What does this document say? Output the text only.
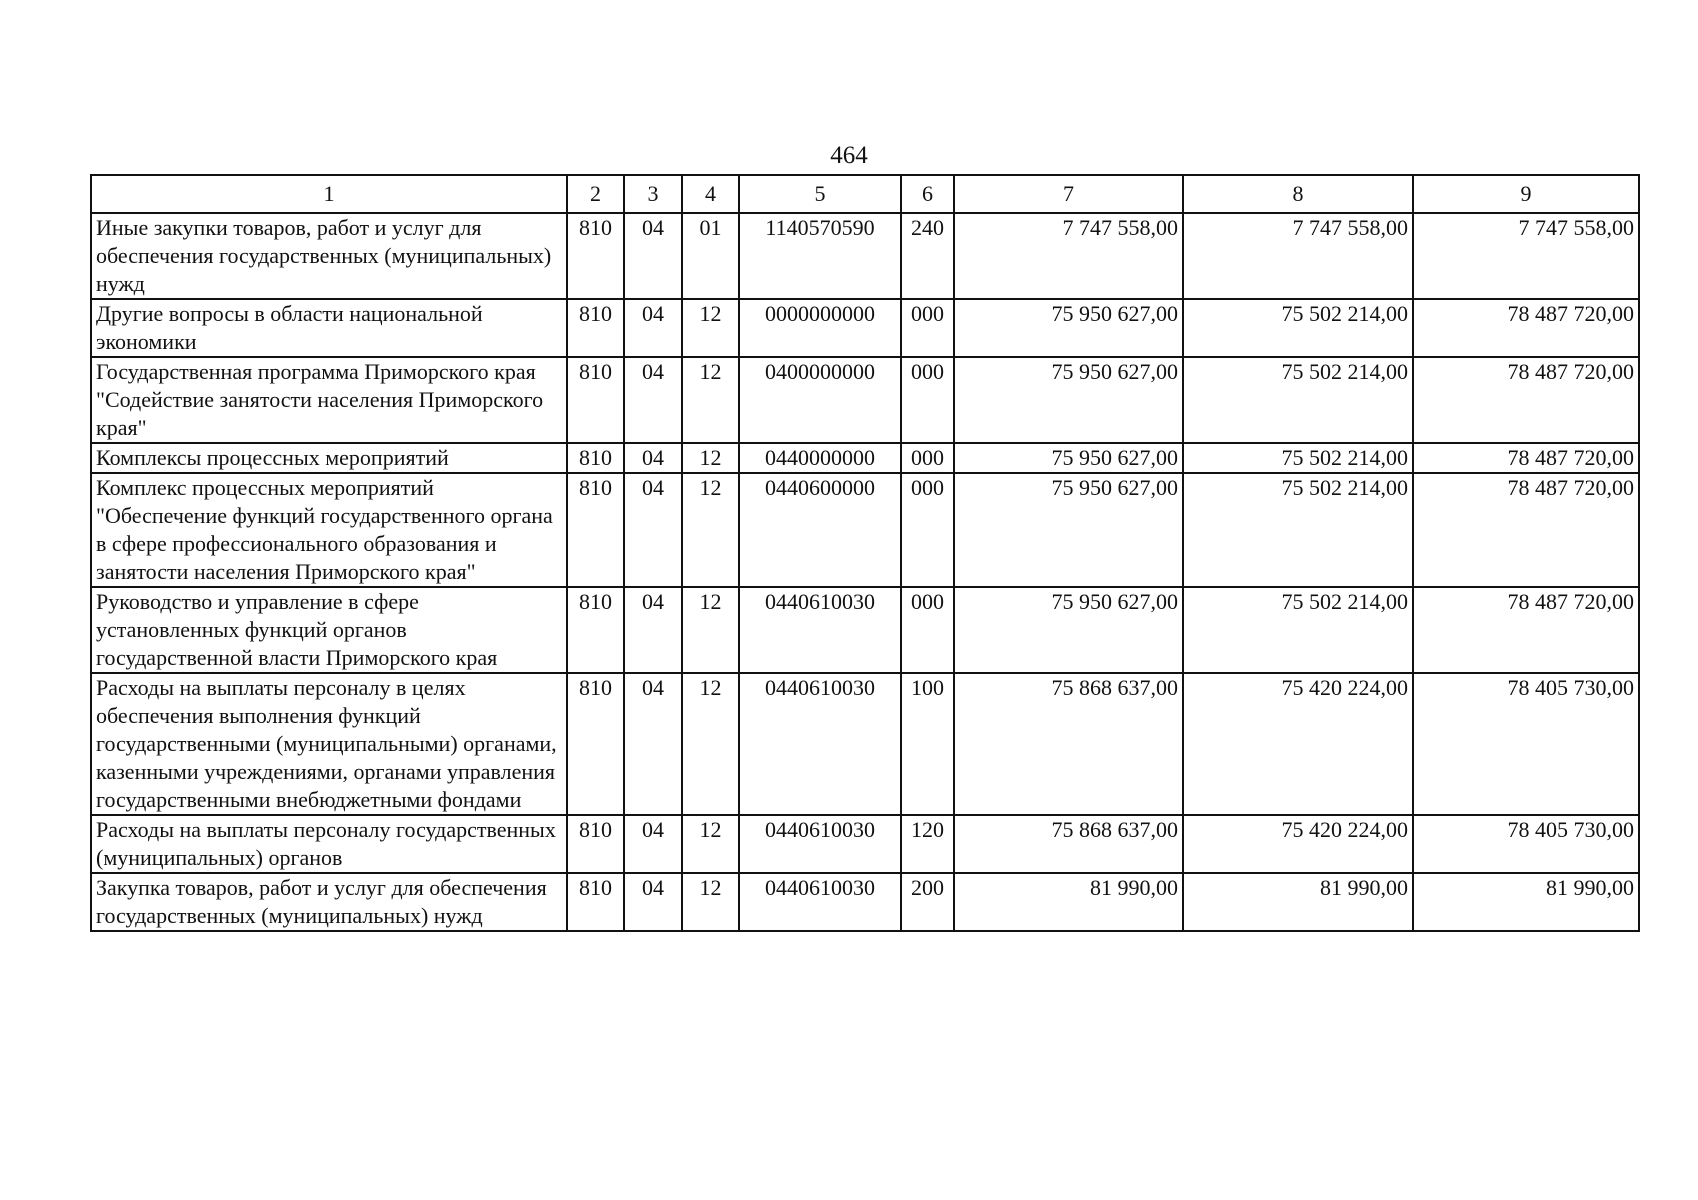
464
1	2	3	4	5	6	7	8	9
Иные закупки товаров, работ и услуг для обеспечения государственных (муниципальных) нужд	810	04	01	1140570590	240	7 747 558,00	7 747 558,00	7 747 558,00
Другие вопросы в области национальной экономики	810	04	12	0000000000	000	75 950 627,00	75 502 214,00	78 487 720,00
Государственная программа Приморского края "Содействие занятости населения Приморского края"	810	04	12	0400000000	000	75 950 627,00	75 502 214,00	78 487 720,00
Комплексы процессных мероприятий	810	04	12	0440000000	000	75 950 627,00	75 502 214,00	78 487 720,00
Комплекс процессных мероприятий "Обеспечение функций государственного органа в сфере профессионального образования и занятости населения Приморского края"	810	04	12	0440600000	000	75 950 627,00	75 502 214,00	78 487 720,00
Руководство и управление в сфере установленных функций органов государственной власти Приморского края	810	04	12	0440610030	000	75 950 627,00	75 502 214,00	78 487 720,00
Расходы на выплаты персоналу в целях обеспечения выполнения функций государственными (муниципальными) органами, казенными учреждениями, органами управления государственными внебюджетными фондами	810	04	12	0440610030	100	75 868 637,00	75 420 224,00	78 405 730,00
Расходы на выплаты персоналу государственных (муниципальных) органов	810	04	12	0440610030	120	75 868 637,00	75 420 224,00	78 405 730,00
Закупка товаров, работ и услуг для обеспечения государственных (муниципальных) нужд	810	04	12	0440610030	200	81 990,00	81 990,00	81 990,00
